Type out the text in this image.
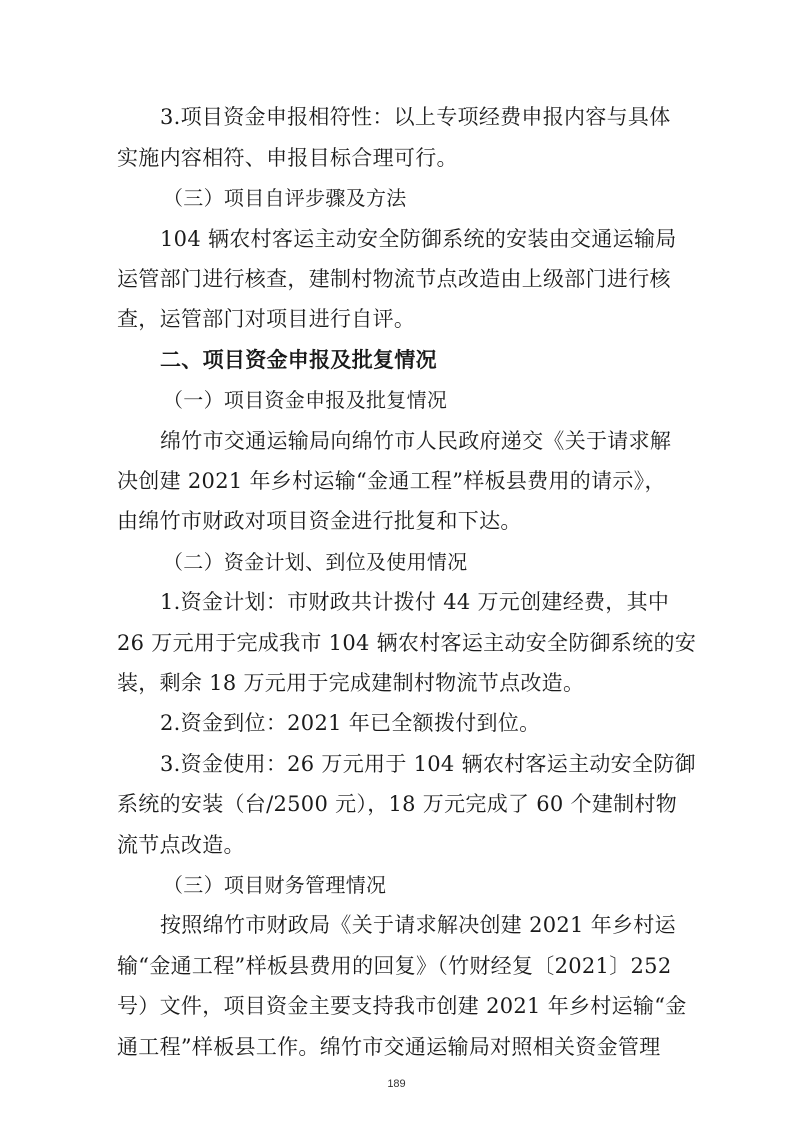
3.项目资金申报相符性：以上专项经费申报内容与具体
实施内容相符、申报目标合理可行。
（三）项目自评步骤及方法
104 辆农村客运主动安全防御系统的安装由交通运输局
运管部门进行核查，建制村物流节点改造由上级部门进行核
查，运管部门对项目进行自评。
二、项目资金申报及批复情况
（一）项目资金申报及批复情况
绵竹市交通运输局向绵竹市人民政府递交《关于请求解
决创建 2021 年乡村运输“金通工程”样板县费用的请示》，
由绵竹市财政对项目资金进行批复和下达。
（二）资金计划、到位及使用情况
1.资金计划：市财政共计拨付 44 万元创建经费，其中
26 万元用于完成我市 104 辆农村客运主动安全防御系统的安
装，剩余 18 万元用于完成建制村物流节点改造。
2.资金到位：2021 年已全额拨付到位。
3.资金使用：26 万元用于 104 辆农村客运主动安全防御
系统的安装（台/2500 元），18 万元完成了 60 个建制村物
流节点改造。
（三）项目财务管理情况
按照绵竹市财政局《关于请求解决创建 2021 年乡村运
输“金通工程”样板县费用的回复》（竹财经复〔2021〕252
号）文件，项目资金主要支持我市创建 2021 年乡村运输“金
通工程”样板县工作。绵竹市交通运输局对照相关资金管理
189
